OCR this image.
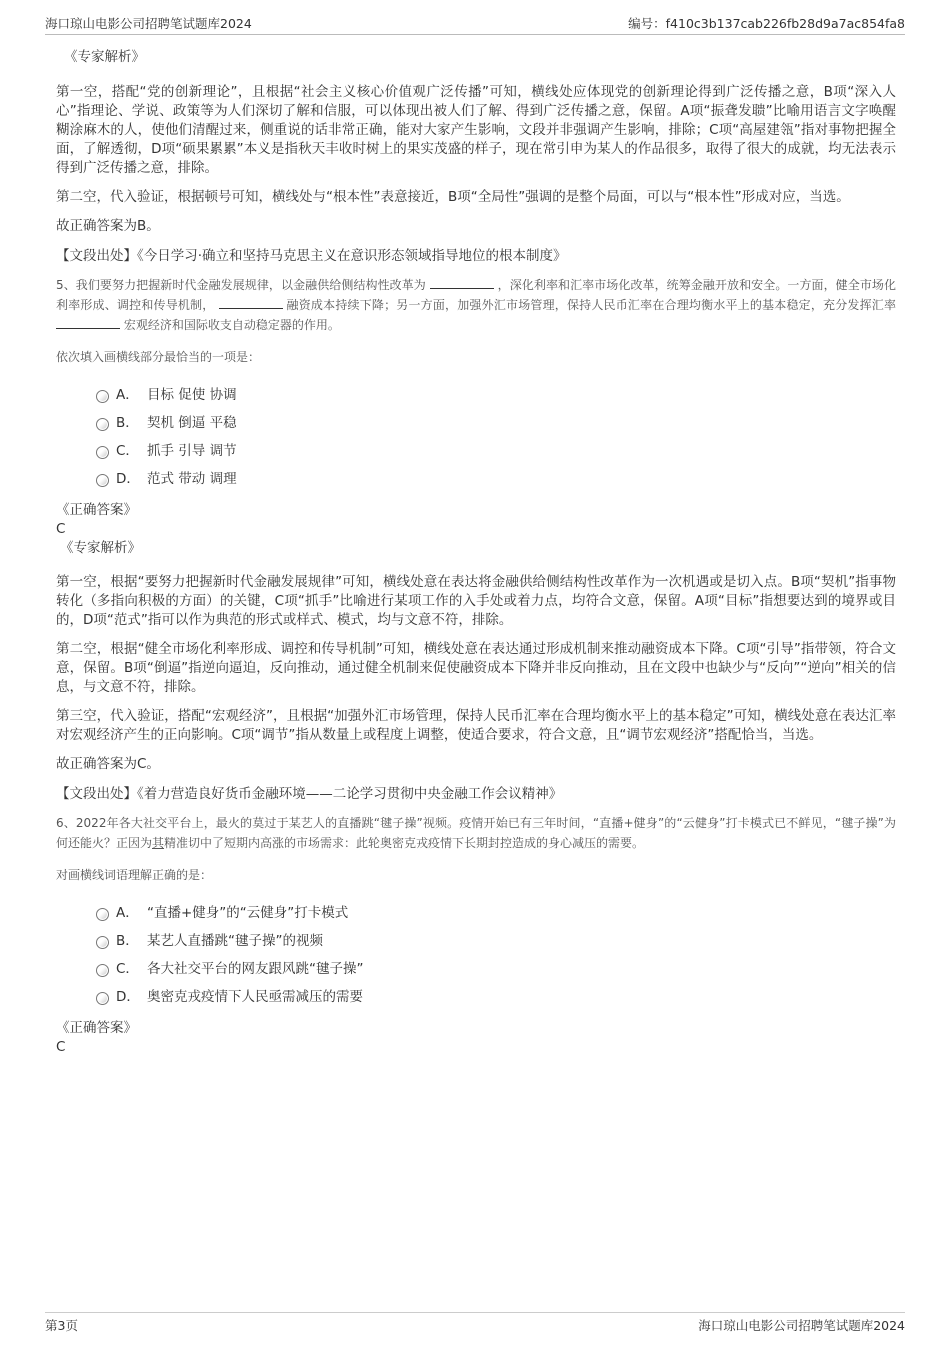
海口琼山电影公司招聘笔试题库2024	编号：f410c3b137cab226fb28d9a7ac854fa8

《专家解析》

第一空，搭配“党的创新理论”，且根据“社会主义核心价值观广泛传播”可知，横线处应体现党的创新理论得到广泛传播之意，B项“深入人心”指理论、学说、政策等为人们深切了解和信服，可以体现出被人们了解、得到广泛传播之意，保留。A项“振聋发聩”比喻用语言文字唤醒糊涂麻木的人，使他们清醒过来，侧重说的话非常正确，能对大家产生影响，文段并非强调产生影响，排除；C项“高屋建瓴”指对事物把握全面，了解透彻，D项“硕果累累”本义是指秋天丰收时树上的果实茂盛的样子，现在常引申为某人的作品很多，取得了很大的成就，均无法表示得到广泛传播之意，排除。

第二空，代入验证，根据顿号可知，横线处与“根本性”表意接近，B项“全局性”强调的是整个局面，可以与“根本性”形成对应，当选。

故正确答案为B。

【文段出处】《今日学习·确立和坚持马克思主义在意识形态领域指导地位的根本制度》

5、我们要努力把握新时代金融发展规律，以金融供给侧结构性改革为	，深化利率和汇率市场化改革，统筹金融开放和安全。一方面，健全市场化利率形成、调控和传导机制，	融资成本持续下降；另一方面，加强外汇市场管理，保持人民币汇率在合理均衡水平上的基本稳定，充分发挥汇率  宏观经济和国际收支自动稳定器的作用。

依次填入画横线部分最恰当的一项是：

A． 目标 促使 协调
B． 契机 倒逼 平稳
C． 抓手 引导 调节
D． 范式 带动 调理

《正确答案》

C

《专家解析》

第一空，根据“要努力把握新时代金融发展规律”可知，横线处意在表达将金融供给侧结构性改革作为一次机遇或是切入点。B项“契机”指事物转化（多指向积极的方面）的关键，C项“抓手”比喻进行某项工作的入手处或着力点，均符合文意，保留。A项“目标”指想要达到的境界或目的，D项“范式”指可以作为典范的形式或样式、模式，均与文意不符，排除。

第二空，根据“健全市场化利率形成、调控和传导机制”可知，横线处意在表达通过形成机制来推动融资成本下降。C项“引导”指带领，符合文意，保留。B项“倒逼”指逆向逼迫，反向推动，通过健全机制来促使融资成本下降并非反向推动，且在文段中也缺少与“反向”“逆向”相关的信息，与文意不符，排除。

第三空，代入验证，搭配“宏观经济”，且根据“加强外汇市场管理，保持人民币汇率在合理均衡水平上的基本稳定”可知，横线处意在表达汇率对宏观经济产生的正向影响。C项“调节”指从数量上或程度上调整，使适合要求，符合文意，且“调节宏观经济”搭配恰当，当选。

故正确答案为C。

【文段出处】《着力营造良好货币金融环境——二论学习贯彻中央金融工作会议精神》

6、2022年各大社交平台上，最火的莫过于某艺人的直播跳“毽子操”视频。疫情开始已有三年时间，“直播+健身”的“云健身”打卡模式已不鲜见，“毽子操”为何还能火？正因为其精准切中了短期内高涨的市场需求：此轮奥密克戎疫情下长期封控造成的身心减压的需要。

对画横线词语理解正确的是：

A． “直播+健身”的“云健身”打卡模式
B． 某艺人直播跳“毽子操”的视频
C． 各大社交平台的网友跟风跳“毽子操”
D． 奥密克戎疫情下人民亟需减压的需要

《正确答案》

C

第3页	海口琼山电影公司招聘笔试题库2024
